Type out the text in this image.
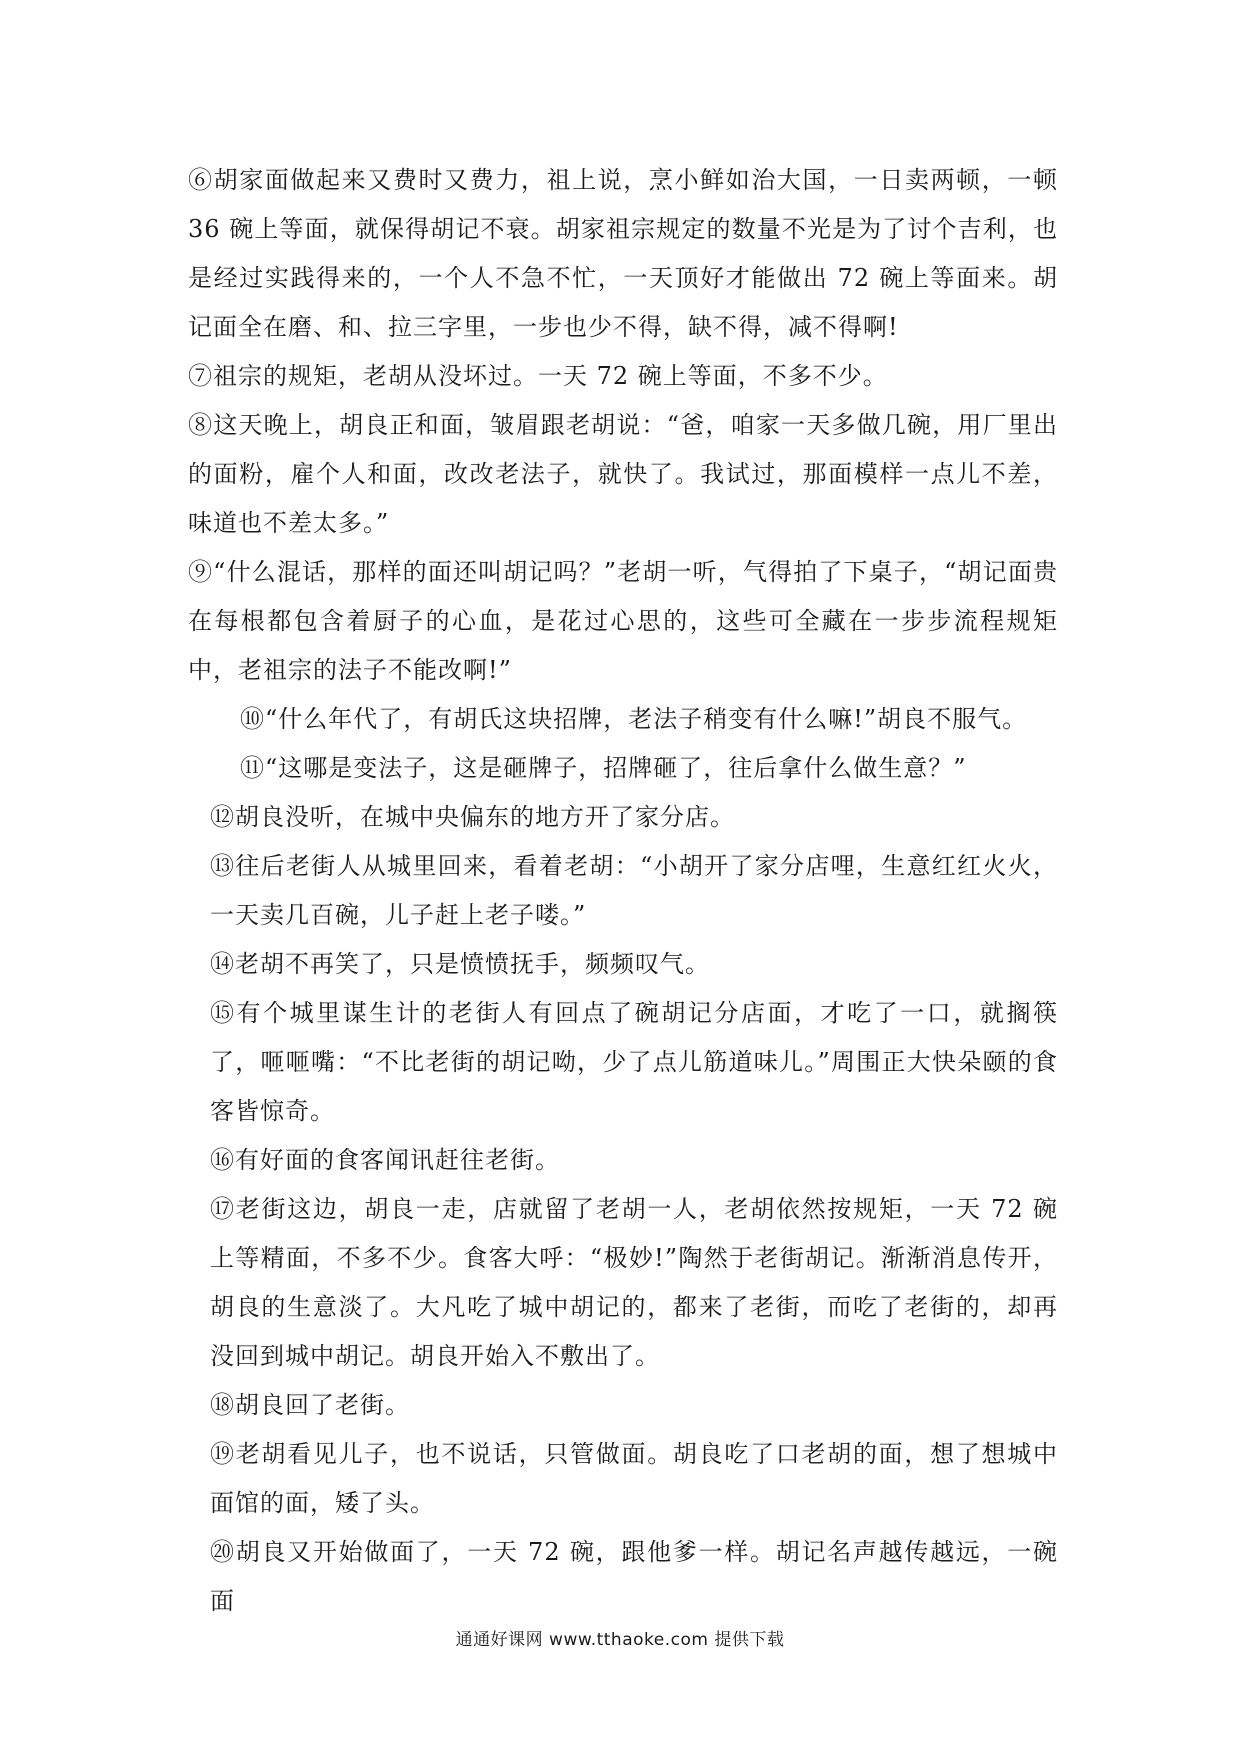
⑥胡家面做起来又费时又费力，祖上说，烹小鲜如治大国，一日卖两顿，一顿 36 碗上等面，就保得胡记不衰。胡家祖宗规定的数量不光是为了讨个吉利，也是经过实践得来的，一个人不急不忙，一天顶好才能做出 72 碗上等面来。胡记面全在磨、和、拉三字里，一步也少不得，缺不得，减不得啊!

⑦祖宗的规矩，老胡从没坏过。一天 72 碗上等面，不多不少。

⑧这天晚上，胡良正和面，皱眉跟老胡说：“爸，咱家一天多做几碗，用厂里出的面粉，雇个人和面，改改老法子，就快了。我试过，那面模样一点儿不差，味道也不差太多。”

⑨“什么混话，那样的面还叫胡记吗？”老胡一听，气得拍了下桌子，“胡记面贵在每根都包含着厨子的心血，是花过心思的，这些可全藏在一步步流程规矩中，老祖宗的法子不能改啊!”

⑩“什么年代了，有胡氏这块招牌，老法子稍变有什么嘛!”胡良不服气。

⑪“这哪是变法子，这是砸牌子，招牌砸了，往后拿什么做生意？”

⑫胡良没听，在城中央偏东的地方开了家分店。

⑬往后老街人从城里回来，看着老胡：“小胡开了家分店哩，生意红红火火，一天卖几百碗，儿子赶上老子喽。”

⑭老胡不再笑了，只是愤愤抚手，频频叹气。

⑮有个城里谋生计的老街人有回点了碗胡记分店面，才吃了一口，就搁筷了，咂咂嘴：“不比老街的胡记呦，少了点儿筋道味儿。”周围正大快朵颐的食客皆惊奇。

⑯有好面的食客闻讯赶往老街。

⑰老街这边，胡良一走，店就留了老胡一人，老胡依然按规矩，一天 72 碗上等精面，不多不少。食客大呼：“极妙!”陶然于老街胡记。渐渐消息传开，胡良的生意淡了。大凡吃了城中胡记的，都来了老街，而吃了老街的，却再没回到城中胡记。胡良开始入不敷出了。

⑱胡良回了老街。

⑲老胡看见儿子，也不说话，只管做面。胡良吃了口老胡的面，想了想城中面馆的面，矮了头。

⑳胡良又开始做面了，一天 72 碗，跟他爹一样。胡记名声越传越远，一碗面

通通好课网 www.tthaoke.com 提供下载
